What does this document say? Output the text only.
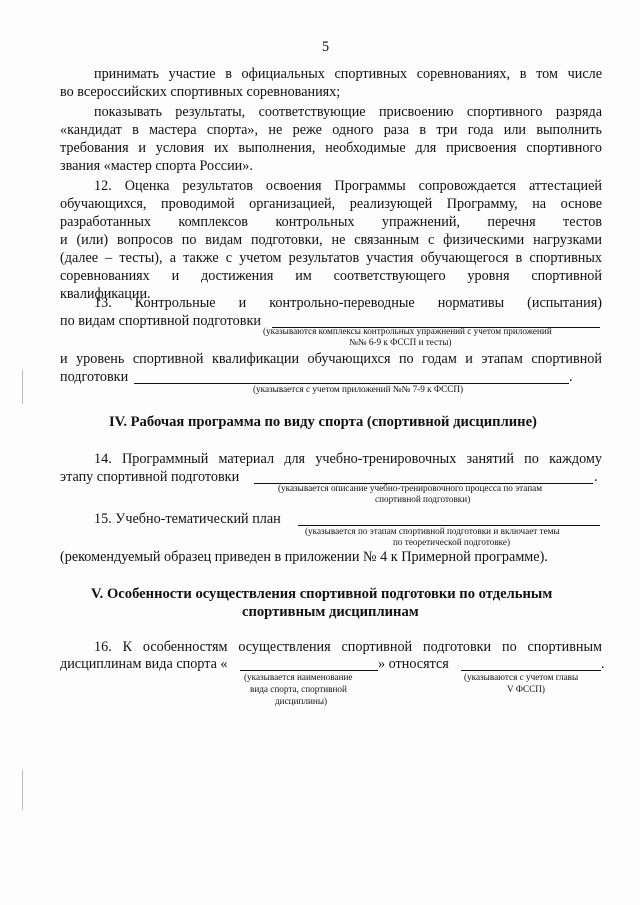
5
принимать участие в официальных спортивных соревнованиях, в том числе
во всероссийских спортивных соревнованиях;
показывать результаты, соответствующие присвоению спортивного разряда
«кандидат в мастера спорта», не реже одного раза в три года или выполнить
требования и условия их выполнения, необходимые для присвоения спортивного
звания «мастер спорта России».
12. Оценка результатов освоения Программы сопровождается аттестацией
обучающихся, проводимой организацией, реализующей Программу, на основе
разработанных комплексов контрольных упражнений, перечня тестов
и (или) вопросов по видам подготовки, не связанным с физическими нагрузками
(далее – тесты), а также с учетом результатов участия обучающегося в спортивных
соревнованиях и достижения им соответствующего уровня спортивной
квалификации.
13. Контрольные и контрольно-переводные нормативы (испытания)
по видам спортивной подготовки
(указываются комплексы контрольных упражнений с учетом приложений
№№ 6-9 к ФССП и тесты)
и уровень спортивной квалификации обучающихся по годам и этапам спортивной
подготовки	.
(указывается с учетом приложений №№ 7-9 к ФССП)
IV. Рабочая программа по виду спорта (спортивной дисциплине)
14. Программный материал для учебно-тренировочных занятий по каждому
этапу спортивной подготовки	.
(указывается описание учебно-тренировочного процесса по этапам
спортивной подготовки)
15. Учебно-тематический план
(указывается по этапам спортивной подготовки и включает темы
по теоретической подготовке)
(рекомендуемый образец приведен в приложении № 4 к Примерной программе).
V. Особенности осуществления спортивной подготовки по отдельным
спортивным дисциплинам
16. К особенностям осуществления спортивной подготовки по спортивным
дисциплинам вида спорта «	» относятся	.
(указывается наименование
вида спорта, спортивной
дисциплины)
(указываются с учетом главы
V ФССП)
